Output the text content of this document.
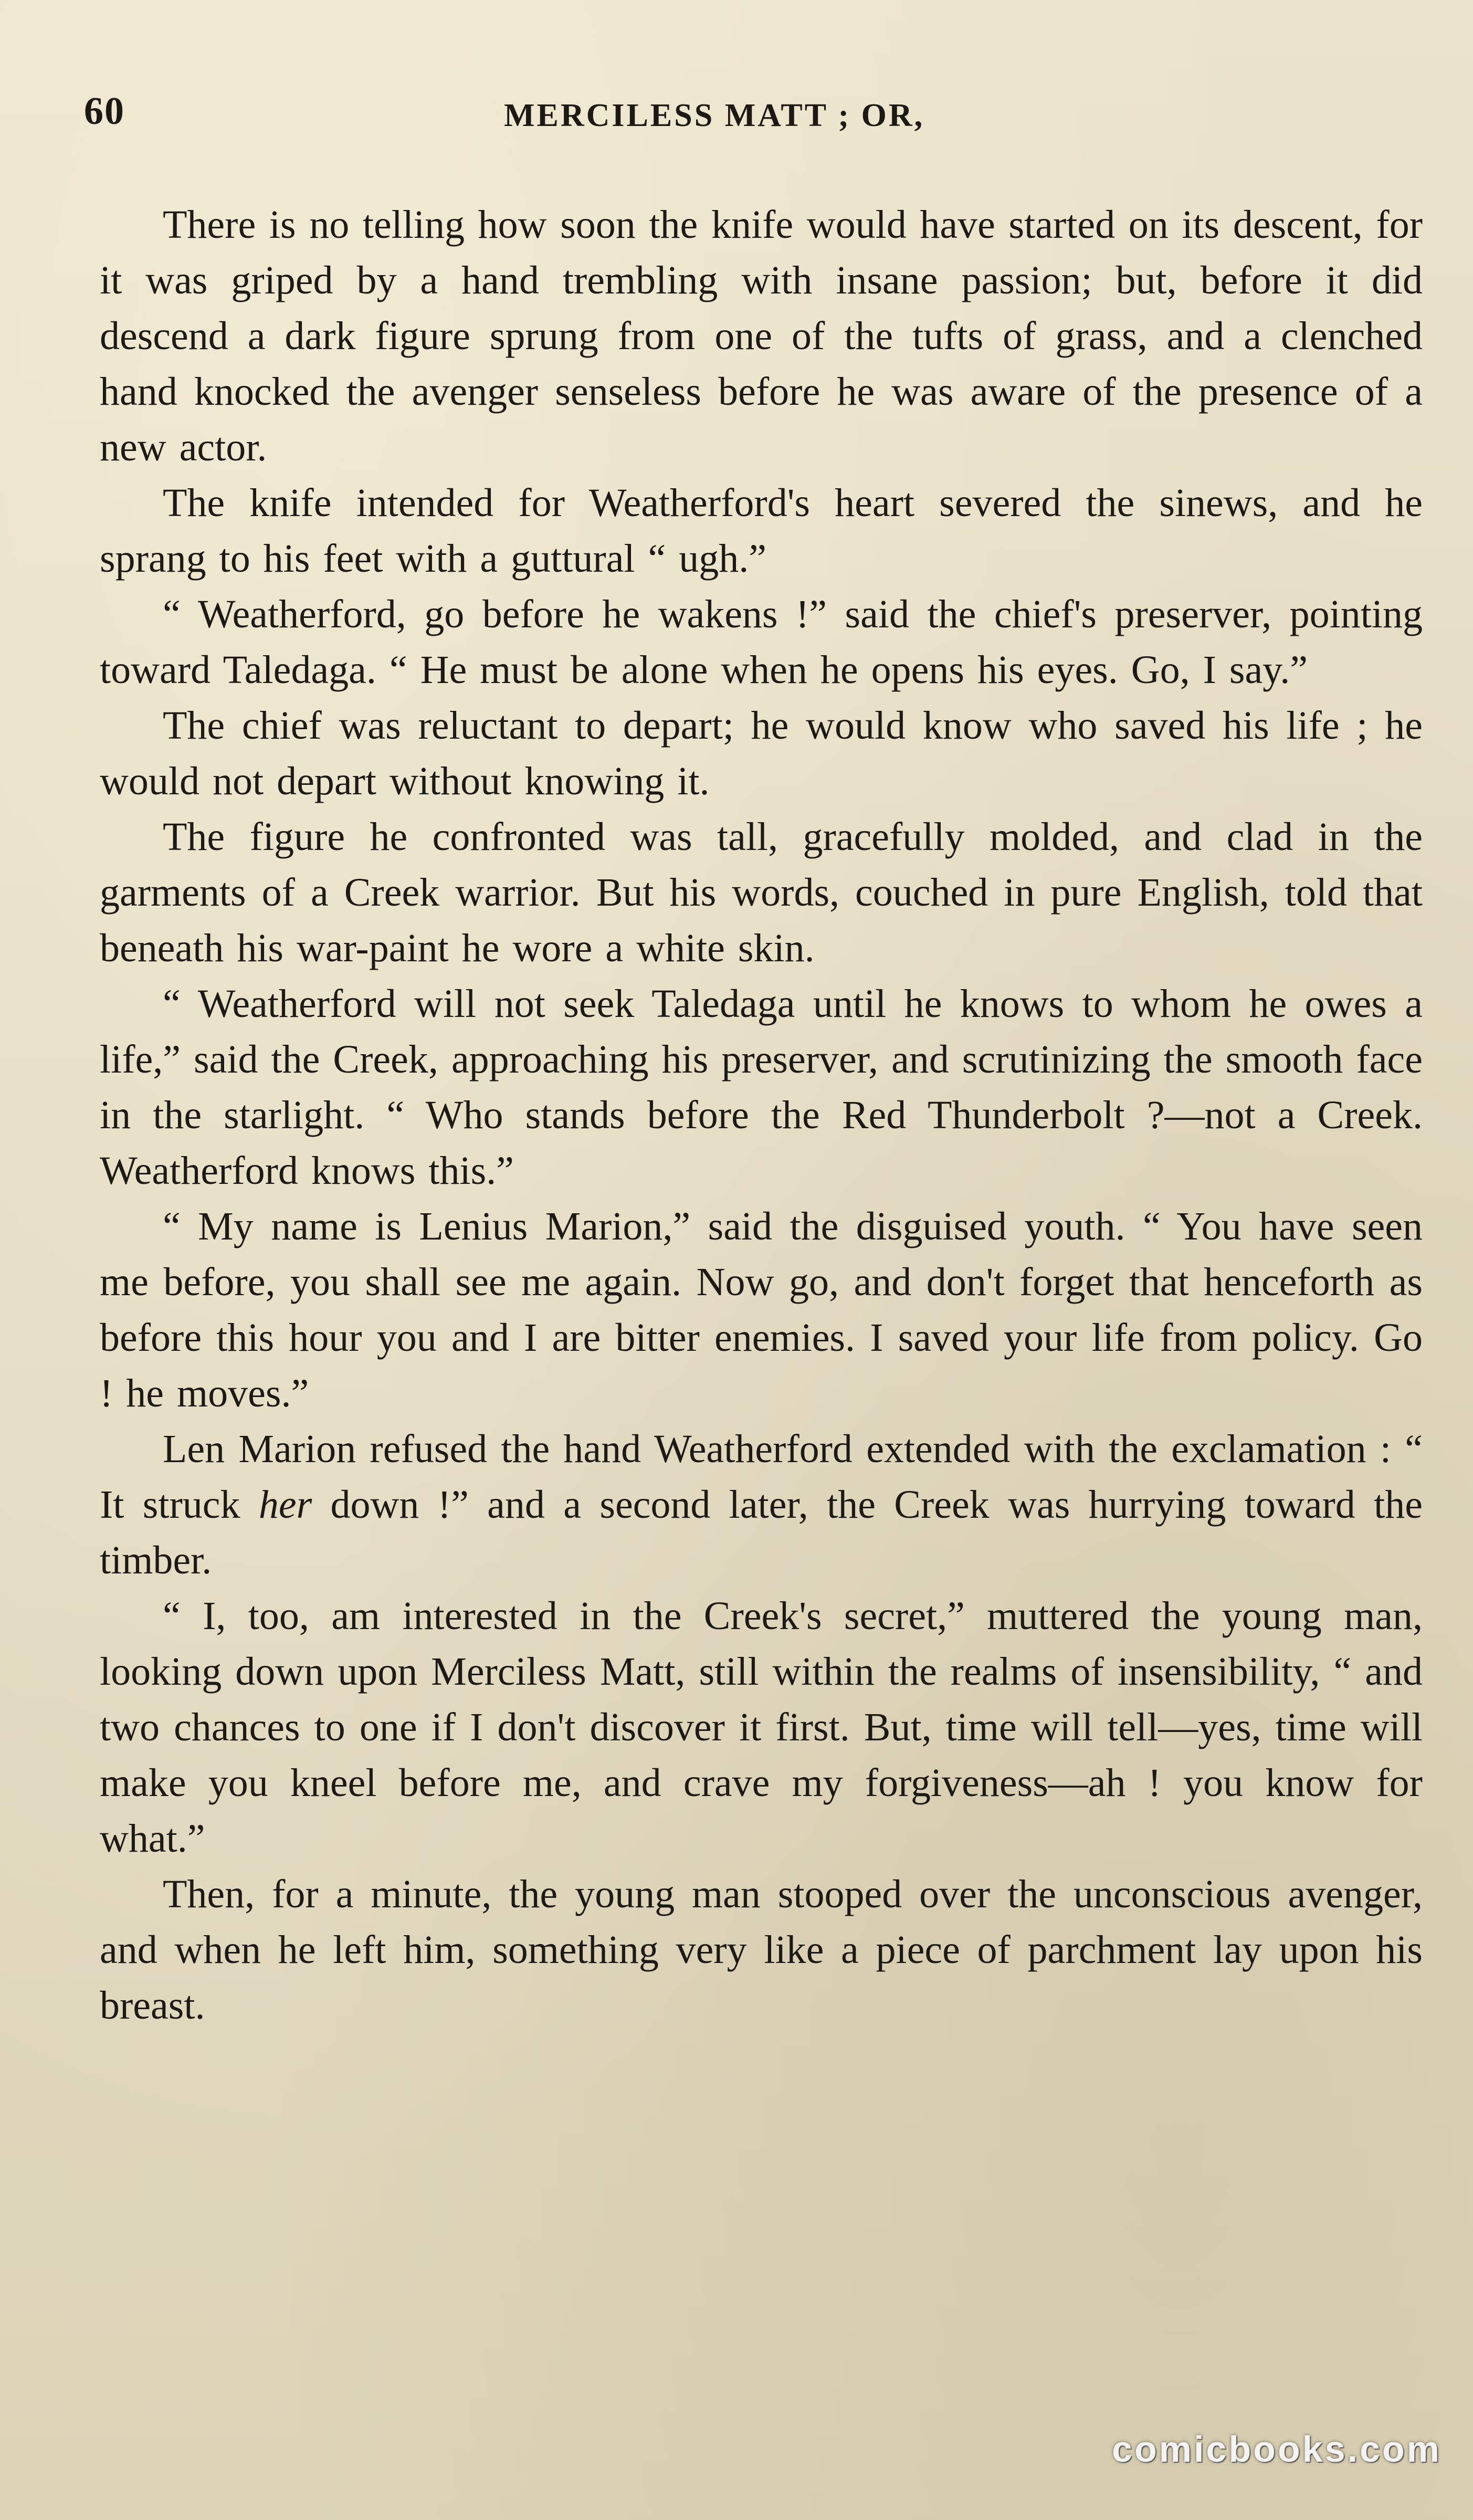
60	MERCILESS MATT ; OR,

There is no telling how soon the knife would have started on its descent, for it was griped by a hand trembling with insane passion; but, before it did descend a dark figure sprung from one of the tufts of grass, and a clenched hand knocked the avenger senseless before he was aware of the presence of a new actor.

The knife intended for Weatherford's heart severed the sinews, and he sprang to his feet with a guttural “ ugh.”

“ Weatherford, go before he wakens !” said the chief's preserver, pointing toward Taledaga. “ He must be alone when he opens his eyes. Go, I say.”

The chief was reluctant to depart; he would know who saved his life ; he would not depart without knowing it.

The figure he confronted was tall, gracefully molded, and clad in the garments of a Creek warrior. But his words, couched in pure English, told that beneath his war-paint he wore a white skin.

“ Weatherford will not seek Taledaga until he knows to whom he owes a life,” said the Creek, approaching his preserver, and scrutinizing the smooth face in the starlight. “ Who stands before the Red Thunderbolt ?—not a Creek. Weatherford knows this.”

“ My name is Lenius Marion,” said the disguised youth. “ You have seen me before, you shall see me again. Now go, and don't forget that henceforth as before this hour you and I are bitter enemies. I saved your life from policy. Go ! he moves.”

Len Marion refused the hand Weatherford extended with the exclamation : “ It struck her down !” and a second later, the Creek was hurrying toward the timber.

“ I, too, am interested in the Creek's secret,” muttered the young man, looking down upon Merciless Matt, still within the realms of insensibility, “ and two chances to one if I don't discover it first. But, time will tell—yes, time will make you kneel before me, and crave my forgiveness—ah ! you know for what.”

Then, for a minute, the young man stooped over the unconscious avenger, and when he left him, something very like a piece of parchment lay upon his breast.

comicbooks.com
